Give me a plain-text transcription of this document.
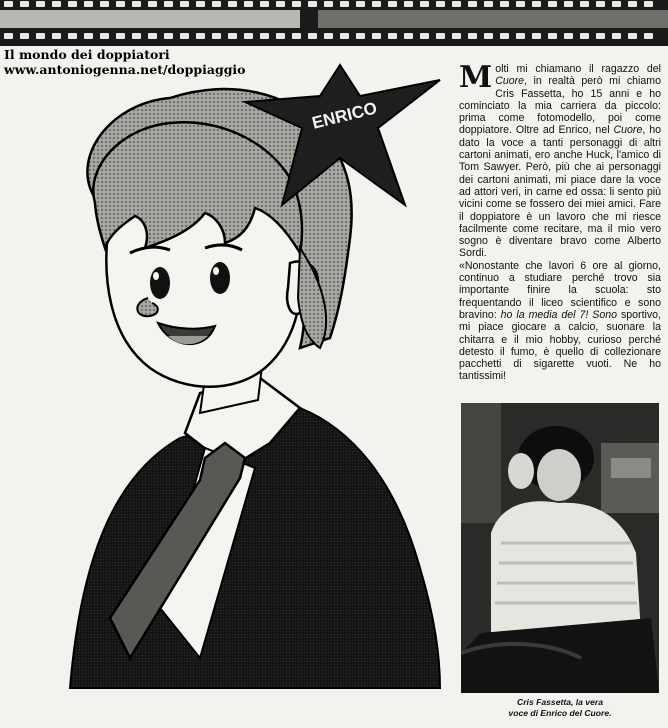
Il mondo dei doppiatori
www.antoniogenna.net/doppiaggio
ENRICO

Molti mi chiamano il ragazzo del Cuore, in realtà però mi chiamo Cris Fassetta, ho 15 anni e ho cominciato la mia carriera da piccolo: prima come fotomodello, poi come doppiatore. Oltre ad Enrico, nel Cuore, ho dato la voce a tanti personaggi di altri cartoni animati, ero anche Huck, l'amico di Tom Sawyer. Però, più che ai personaggi dei cartoni animati, mi piace dare la voce ad attori veri, in carne ed ossa: li sento più vicini come se fossero dei miei amici. Fare il doppiatore è un lavoro che mi riesce facilmente come recitare, ma il mio vero sogno è diventare bravo come Alberto Sordi.

«Nonostante che lavori 6 ore al giorno, continuo a studiare perché trovo sia importante finire la scuola: sto frequentando il liceo scientifico e sono bravino: ho la media del 7! Sono sportivo, mi piace giocare a calcio, suonare la chitarra e il mio hobby, curioso perché detesto il fumo, è quello di collezionare pacchetti di sigarette vuoti. Ne ho tantissimi!

Cris Fassetta, la vera
voce di Enrico del Cuore.
